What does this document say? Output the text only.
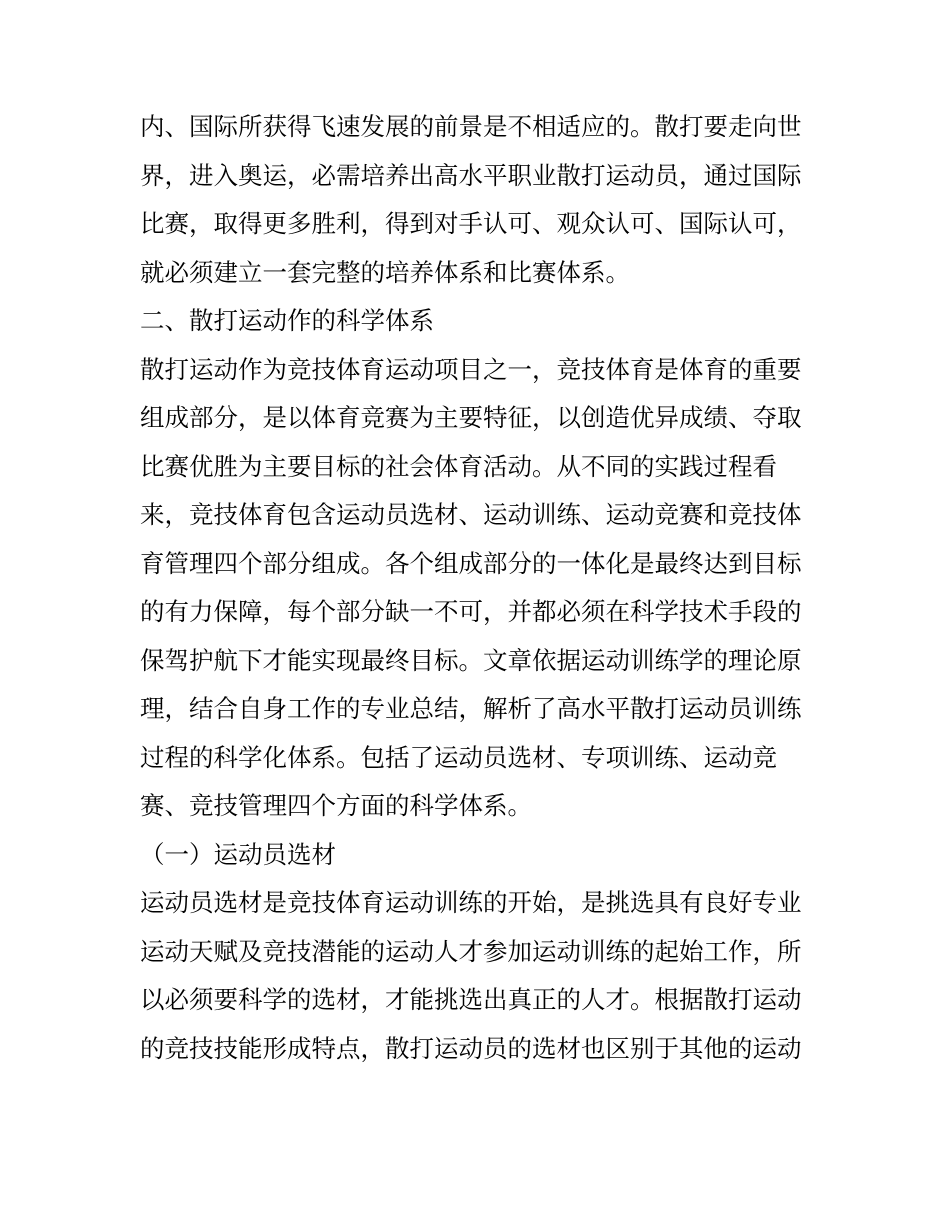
内、国际所获得飞速发展的前景是不相适应的。散打要走向世
界，进入奥运，必需培养出高水平职业散打运动员，通过国际
比赛，取得更多胜利，得到对手认可、观众认可、国际认可，
就必须建立一套完整的培养体系和比赛体系。
二、散打运动作的科学体系
散打运动作为竞技体育运动项目之一，竞技体育是体育的重要
组成部分，是以体育竞赛为主要特征，以创造优异成绩、夺取
比赛优胜为主要目标的社会体育活动。从不同的实践过程看
来，竞技体育包含运动员选材、运动训练、运动竞赛和竞技体
育管理四个部分组成。各个组成部分的一体化是最终达到目标
的有力保障，每个部分缺一不可，并都必须在科学技术手段的
保驾护航下才能实现最终目标。文章依据运动训练学的理论原
理，结合自身工作的专业总结，解析了高水平散打运动员训练
过程的科学化体系。包括了运动员选材、专项训练、运动竞
赛、竞技管理四个方面的科学体系。
（一）运动员选材
运动员选材是竞技体育运动训练的开始，是挑选具有良好专业
运动天赋及竞技潜能的运动人才参加运动训练的起始工作，所
以必须要科学的选材，才能挑选出真正的人才。根据散打运动
的竞技技能形成特点，散打运动员的选材也区别于其他的运动
